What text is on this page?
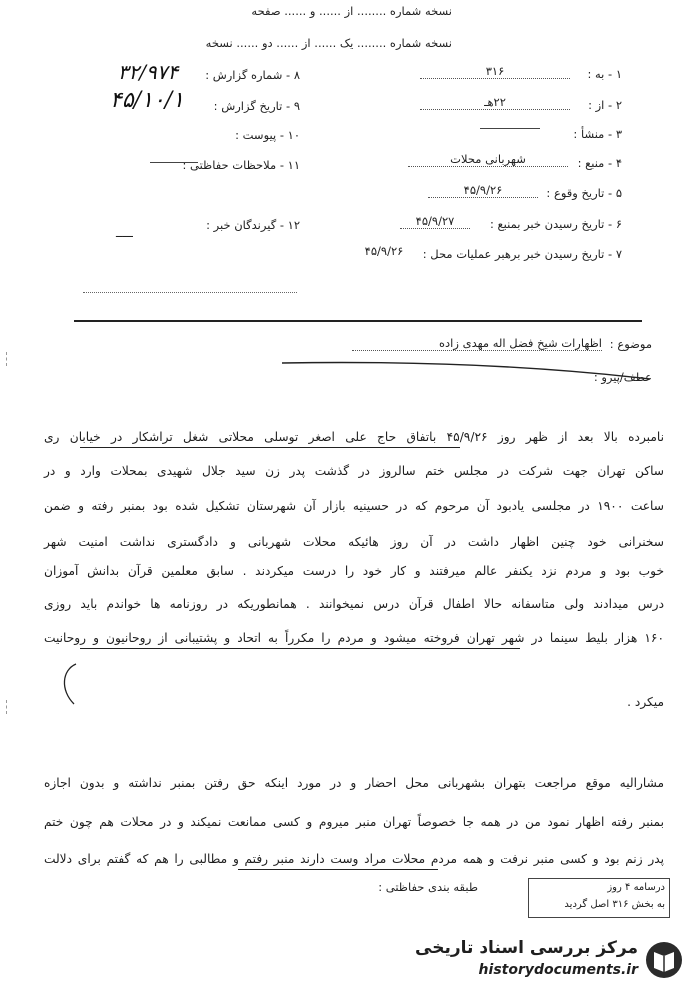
نسخه شماره ........ از ...... و ...... صفحه
نسخه شماره ........ یک ...... از ...... دو ...... نسخه
۱ - به :
۳۱۶
۲ - از :
۲۲هـ
۳ - منشأ :
۴ - منبع :
شهربانی محلات
۵ - تاریخ وقوع :
۴۵/۹/۲۶
۶ - تاریخ رسیدن خبر بمنبع :
۴۵/۹/۲۷
۷ - تاریخ رسیدن خبر برهبر عملیات محل :
۴۵/۹/۲۶
۸ - شماره گزارش :
۳۲/۹۷۴
۹ - تاریخ گزارش :
۴۵/۱۰/۱
۱۰ - پیوست :
۱۱ - ملاحظات حفاظتی :
۱۲ - گیرندگان خبر :
ـــــ
موضوع :
اظهارات شیخ فضل اله مهدی زاده
عطف/پیرو :
نامبرده بالا بعد از ظهر روز ۴۵/۹/۲۶ باتفاق حاج علی اصغر توسلی محلاتی شغل تراشکار در خیابان ری
ساکن تهران جهت شرکت در مجلس ختم سالروز در گذشت پدر زن سید جلال شهیدی بمحلات وارد و در
ساعت ۱۹۰۰ در مجلسی یادبود آن مرحوم که در حسینیه بازار آن شهرستان تشکیل شده بود بمنبر رفته و ضمن
سخنرانی خود چنین اظهار داشت در آن روز هائیکه محلات شهربانی و دادگستری نداشت امنیت شهر
خوب بود و مردم نزد یکنفر عالم میرفتند و کار خود را درست میکردند . سابق معلمین قرآن بدانش آموزان
درس میدادند ولی متاسفانه حالا اطفال قرآن درس نمیخوانند . همانطوریکه در روزنامه ها خواندم باید روزی
۱۶۰ هزار بلیط سینما در شهر تهران فروخته میشود و مردم را مکرراً به اتحاد و پشتیبانی از روحانیون و روحانیت
میکرد .
مشارالیه موقع مراجعت بتهران بشهربانی محل احضار و در مورد اینکه حق رفتن بمنبر نداشته و بدون اجازه
بمنبر رفته اظهار نمود من در همه جا خصوصاً تهران منبر میروم و کسی ممانعت نمیکند و در محلات هم چون ختم
پدر زنم بود و کسی منبر نرفت و همه مردم محلات مراد وست دارند منبر رفتم و مطالبی را هم که گفتم برای دلالت
طبقه بندی حفاظتی :	درسامه ۴ روز
به بخش ۳۱۶ اصل گردید
مرکز بررسی اسناد تاریخی
historydocuments.ir
